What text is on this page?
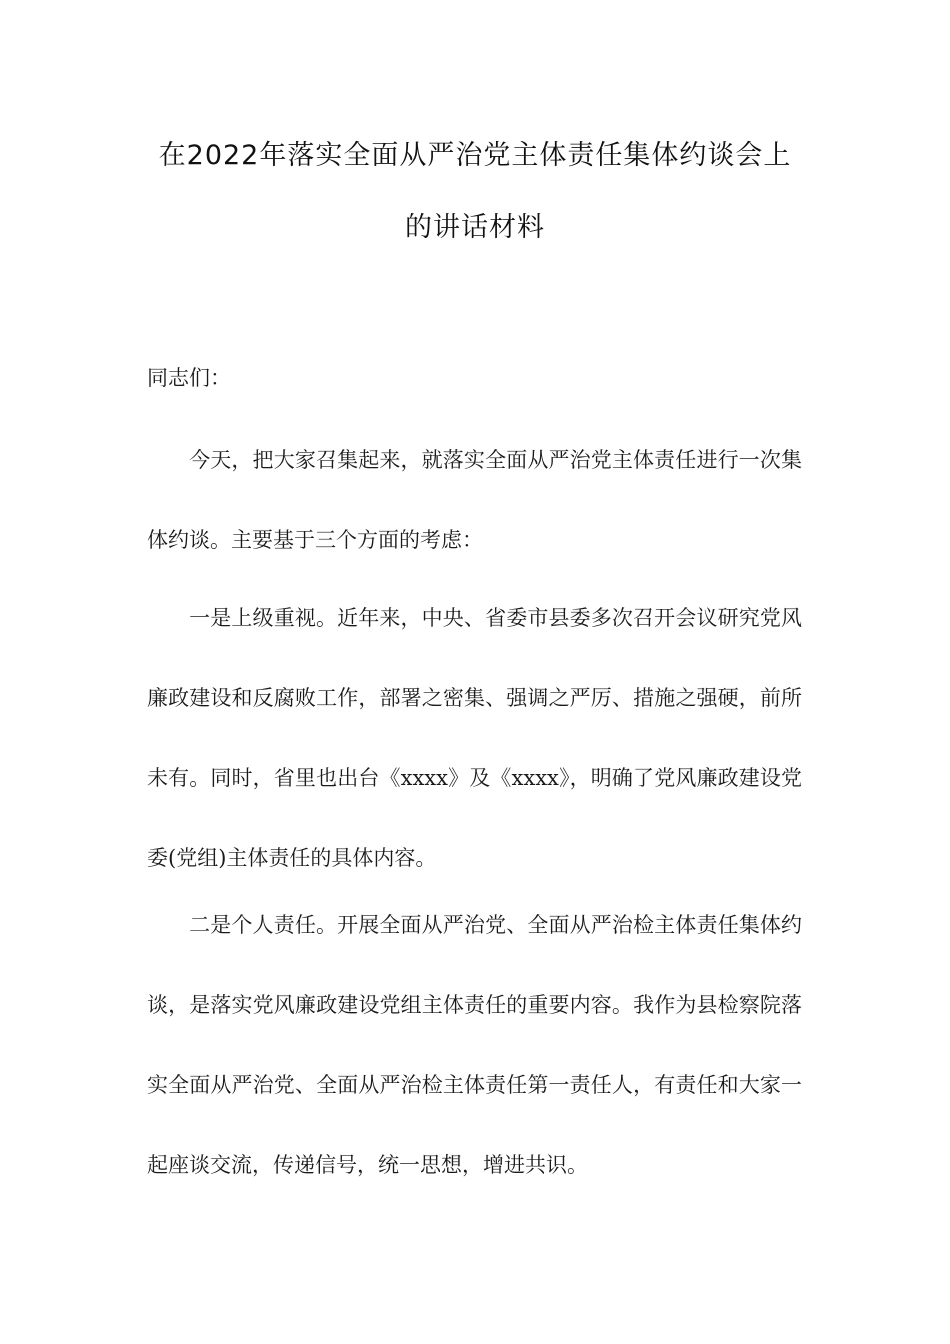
在2022年落实全面从严治党主体责任集体约谈会上
的讲话材料

同志们：

今天，把大家召集起来，就落实全面从严治党主体责任进行一次集体约谈。主要基于三个方面的考虑：

一是上级重视。近年来，中央、省委市县委多次召开会议研究党风廉政建设和反腐败工作，部署之密集、强调之严厉、措施之强硬，前所未有。同时，省里也出台《xxxx》及《xxxx》，明确了党风廉政建设党委(党组)主体责任的具体内容。

二是个人责任。开展全面从严治党、全面从严治检主体责任集体约谈，是落实党风廉政建设党组主体责任的重要内容。我作为县检察院落实全面从严治党、全面从严治检主体责任第一责任人，有责任和大家一起座谈交流，传递信号，统一思想，增进共识。
